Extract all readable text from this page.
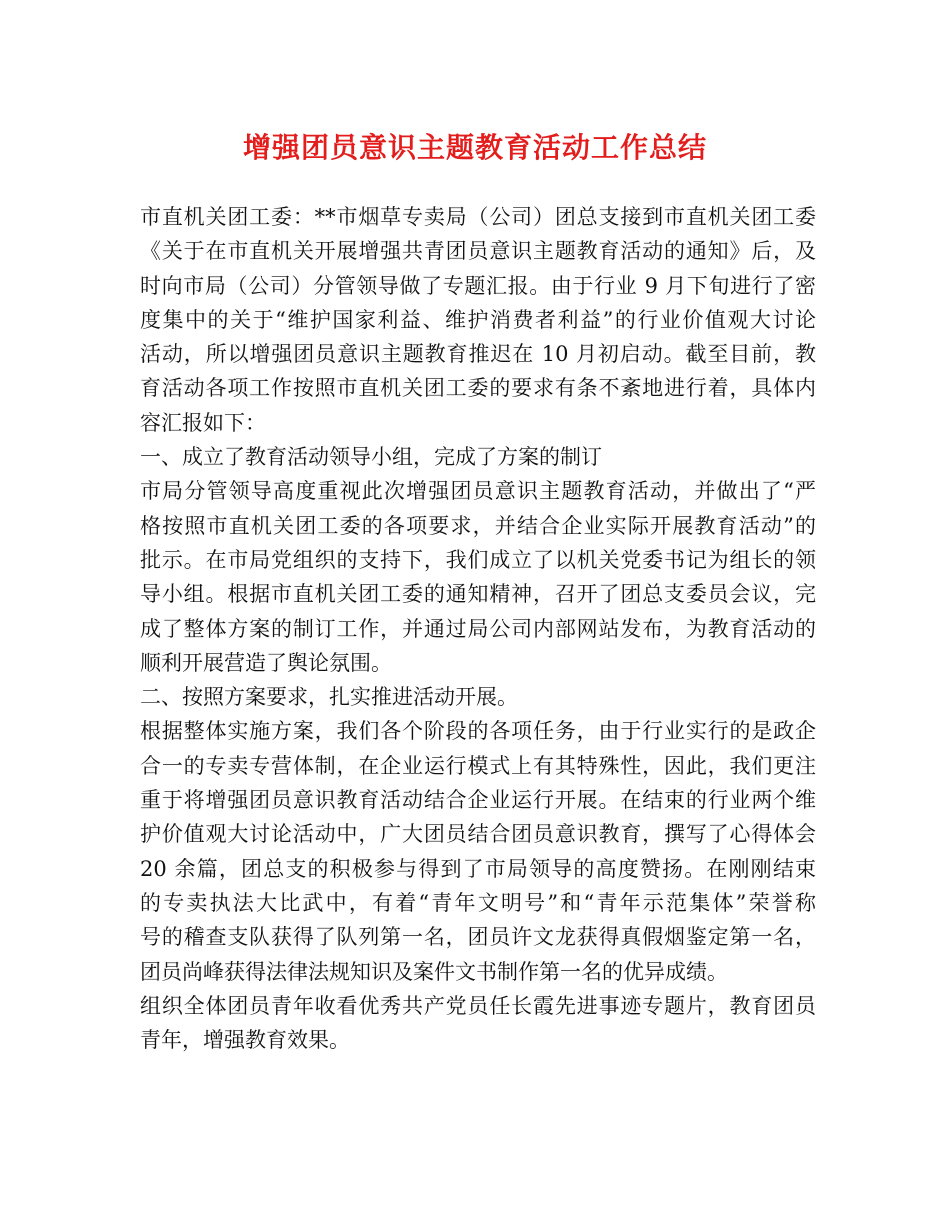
增强团员意识主题教育活动工作总结
市直机关团工委：**市烟草专卖局（公司）团总支接到市直机关团工委
《关于在市直机关开展增强共青团员意识主题教育活动的通知》后，及
时向市局（公司）分管领导做了专题汇报。由于行业 9 月下旬进行了密
度集中的关于“维护国家利益、维护消费者利益”的行业价值观大讨论
活动，所以增强团员意识主题教育推迟在 10 月初启动。截至目前，教
育活动各项工作按照市直机关团工委的要求有条不紊地进行着，具体内
容汇报如下：
一、成立了教育活动领导小组，完成了方案的制订
市局分管领导高度重视此次增强团员意识主题教育活动，并做出了“严
格按照市直机关团工委的各项要求，并结合企业实际开展教育活动”的
批示。在市局党组织的支持下，我们成立了以机关党委书记为组长的领
导小组。根据市直机关团工委的通知精神，召开了团总支委员会议，完
成了整体方案的制订工作，并通过局公司内部网站发布，为教育活动的
顺利开展营造了舆论氛围。
二、按照方案要求，扎实推进活动开展。
根据整体实施方案，我们各个阶段的各项任务，由于行业实行的是政企
合一的专卖专营体制，在企业运行模式上有其特殊性，因此，我们更注
重于将增强团员意识教育活动结合企业运行开展。在结束的行业两个维
护价值观大讨论活动中，广大团员结合团员意识教育，撰写了心得体会
20 余篇，团总支的积极参与得到了市局领导的高度赞扬。在刚刚结束
的专卖执法大比武中，有着“青年文明号”和“青年示范集体”荣誉称
号的稽查支队获得了队列第一名，团员许文龙获得真假烟鉴定第一名，
团员尚峰获得法律法规知识及案件文书制作第一名的优异成绩。
组织全体团员青年收看优秀共产党员任长霞先进事迹专题片，教育团员
青年，增强教育效果。
